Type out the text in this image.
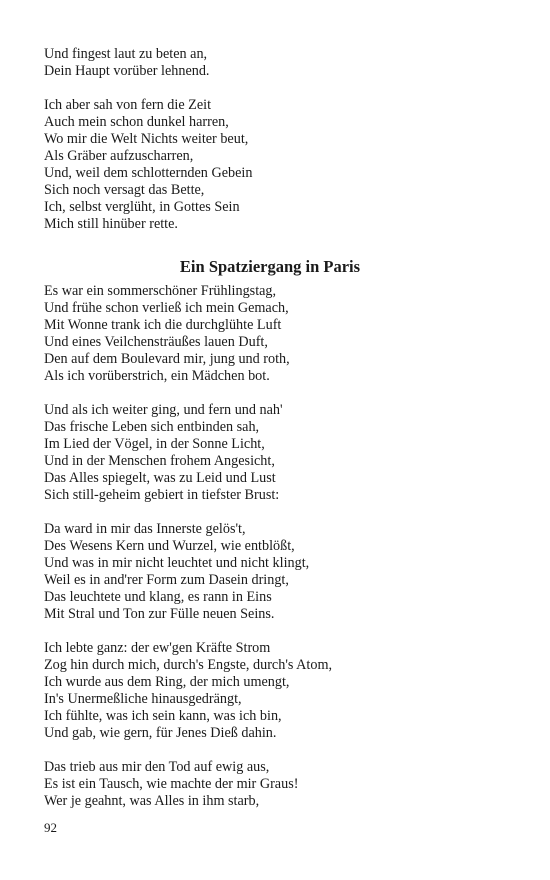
Und fingest laut zu beten an,
Dein Haupt vorüber lehnend.
Ich aber sah von fern die Zeit
Auch mein schon dunkel harren,
Wo mir die Welt Nichts weiter beut,
Als Gräber aufzuscharren,
Und, weil dem schlotternden Gebein
Sich noch versagt das Bette,
Ich, selbst verglüht, in Gottes Sein
Mich still hinüber rette.
Ein Spatziergang in Paris
Es war ein sommerschöner Frühlingstag,
Und frühe schon verließ ich mein Gemach,
Mit Wonne trank ich die durchglühte Luft
Und eines Veilchensträußes lauen Duft,
Den auf dem Boulevard mir, jung und roth,
Als ich vorüberstrich, ein Mädchen bot.
Und als ich weiter ging, und fern und nah'
Das frische Leben sich entbinden sah,
Im Lied der Vögel, in der Sonne Licht,
Und in der Menschen frohem Angesicht,
Das Alles spiegelt, was zu Leid und Lust
Sich still-geheim gebiert in tiefster Brust:
Da ward in mir das Innerste gelös't,
Des Wesens Kern und Wurzel, wie entblößt,
Und was in mir nicht leuchtet und nicht klingt,
Weil es in and'rer Form zum Dasein dringt,
Das leuchtete und klang, es rann in Eins
Mit Stral und Ton zur Fülle neuen Seins.
Ich lebte ganz: der ew'gen Kräfte Strom
Zog hin durch mich, durch's Engste, durch's Atom,
Ich wurde aus dem Ring, der mich umengt,
In's Unermeßliche hinausgedrängt,
Ich fühlte, was ich sein kann, was ich bin,
Und gab, wie gern, für Jenes Dieß dahin.
Das trieb aus mir den Tod auf ewig aus,
Es ist ein Tausch, wie machte der mir Graus!
Wer je geahnt, was Alles in ihm starb,
92
